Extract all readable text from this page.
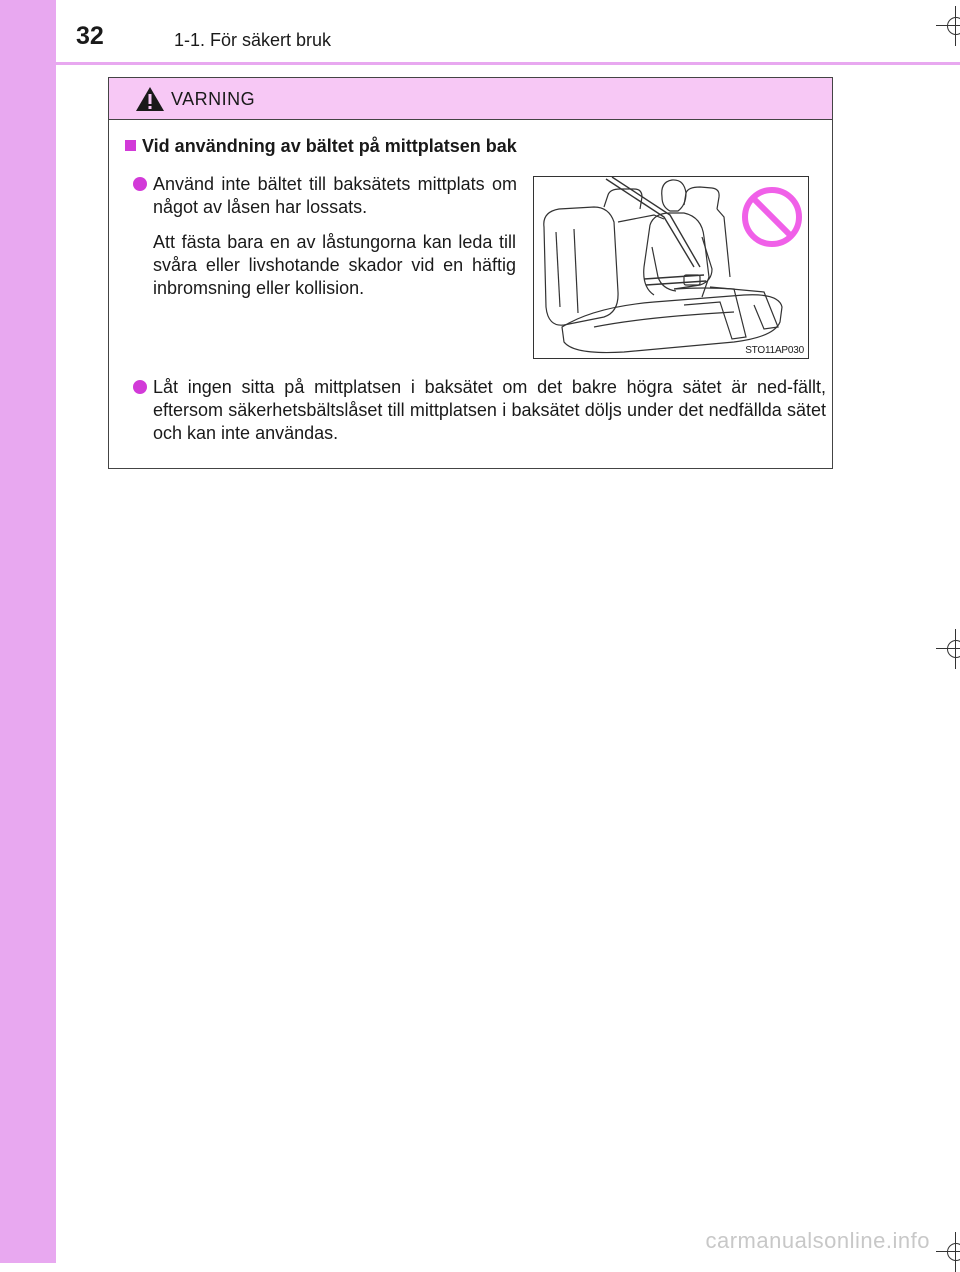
32	1-1. För säkert bruk
VARNING
Vid användning av bältet på mittplatsen bak
Använd inte bältet till baksätets mittplats om något av låsen har lossats.
Att fästa bara en av låstungorna kan leda till svåra eller livshotande skador vid en häftig inbromsning eller kollision.
STO11AP030
Låt ingen sitta på mittplatsen i baksätet om det bakre högra sätet är ned-fällt, eftersom säkerhetsbältslåset till mittplatsen i baksätet döljs under det nedfällda sätet och kan inte användas.
carmanualsonline.info
